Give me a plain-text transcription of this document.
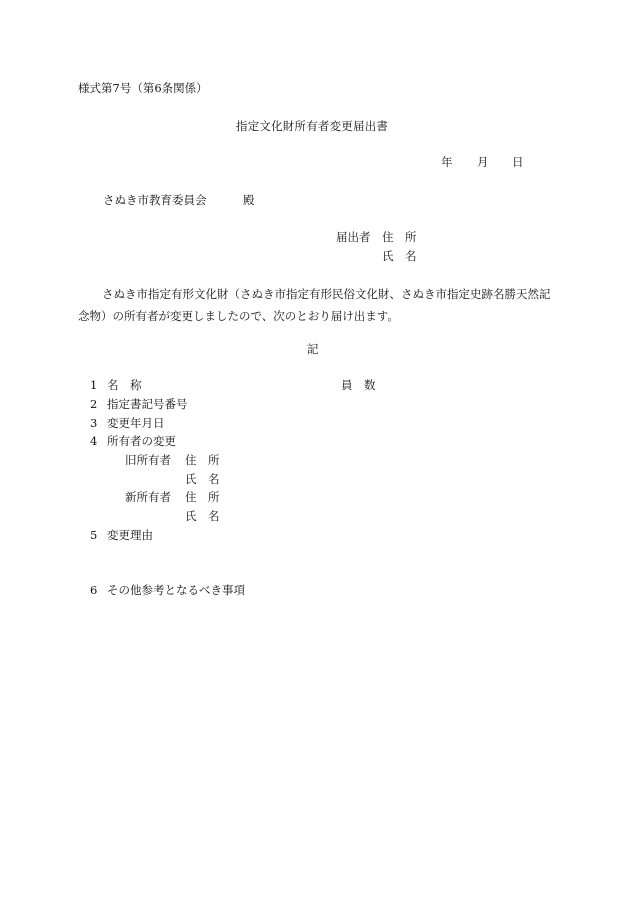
様式第7号（第6条関係）
指定文化財所有者変更届出書
年 月 日
さぬき市教育委員会	殿
届出者 住　所
氏　名
さぬき市指定有形文化財（さぬき市指定有形民俗文化財、さぬき市指定史跡名勝天然記念物）の所有者が変更しましたので、次のとおり届け出ます。
記
1 名　称	員　数
2 指定書記号番号
3 変更年月日
4 所有者の変更
旧所有者 住　所
氏　名
新所有者 住　所
氏　名
5 変更理由
6 その他参考となるべき事項
